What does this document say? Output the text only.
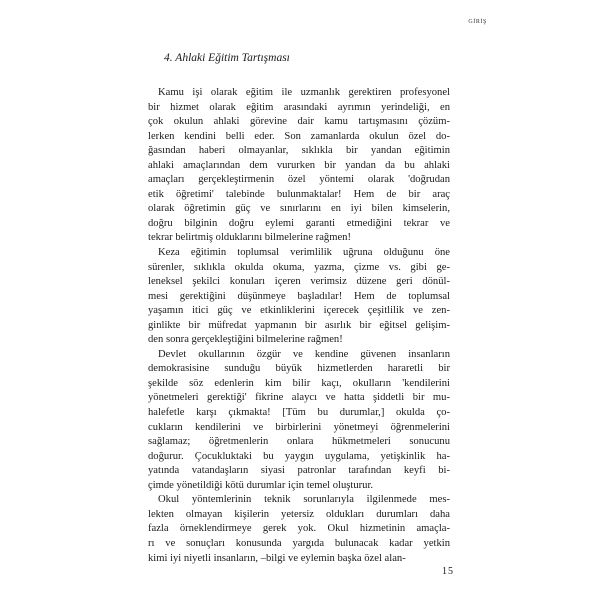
GİRİŞ
4. Ahlaki Eğitim Tartışması

Kamu işi olarak eğitim ile uzmanlık gerektiren profesyonel
bir hizmet olarak eğitim arasındaki ayrımın yerindeliği, en
çok okulun ahlaki görevine dair kamu tartışmasını çözüm-
lerken kendini belli eder. Son zamanlarda okulun özel do-
ğasından haberi olmayanlar, sıklıkla bir yandan eğitimin
ahlaki amaçlarından dem vururken bir yandan da bu ahlaki
amaçları gerçekleştirmenin özel yöntemi olarak 'doğrudan
etik öğretimi' talebinde bulunmaktalar! Hem de bir araç
olarak öğretimin güç ve sınırlarını en iyi bilen kimselerin,
doğru bilginin doğru eylemi garanti etmediğini tekrar ve
tekrar belirtmiş olduklarını bilmelerine rağmen!

Keza eğitimin toplumsal verimlilik uğruna olduğunu öne
sürenler, sıklıkla okulda okuma, yazma, çizme vs. gibi ge-
leneksel şekilci konuları içeren verimsiz düzene geri dönül-
mesi gerektiğini düşünmeye başladılar! Hem de toplumsal
yaşamın itici güç ve etkinliklerini içerecek çeşitlilik ve zen-
ginlikte bir müfredat yapmanın bir asırlık bir eğitsel gelişim-
den sonra gerçekleştiğini bilmelerine rağmen!

Devlet okullarının özgür ve kendine güvenen insanların
demokrasisine sunduğu büyük hizmetlerden hararetli bir
şekilde söz edenlerin kim bilir kaçı, okulların 'kendilerini
yönetmeleri gerektiği' fikrine alaycı ve hatta şiddetli bir mu-
halefetle karşı çıkmakta! [Tüm bu durumlar,] okulda ço-
cukların kendilerini ve birbirlerini yönetmeyi öğrenmelerini
sağlamaz; öğretmenlerin onlara hükmetmeleri sonucunu
doğurur. Çocukluktaki bu yaygın uygulama, yetişkinlik ha-
yatında vatandaşların siyasi patronlar tarafından keyfi bi-
çimde yönetildiği kötü durumlar için temel oluşturur.

Okul yöntemlerinin teknik sorunlarıyla ilgilenmede mes-
lekten olmayan kişilerin yetersiz oldukları durumları daha
fazla örneklendirmeye gerek yok. Okul hizmetinin amaçla-
rı ve sonuçları konusunda yargıda bulunacak kadar yetkin
kimi iyi niyetli insanların, –bilgi ve eylemin başka özel alan-

15
